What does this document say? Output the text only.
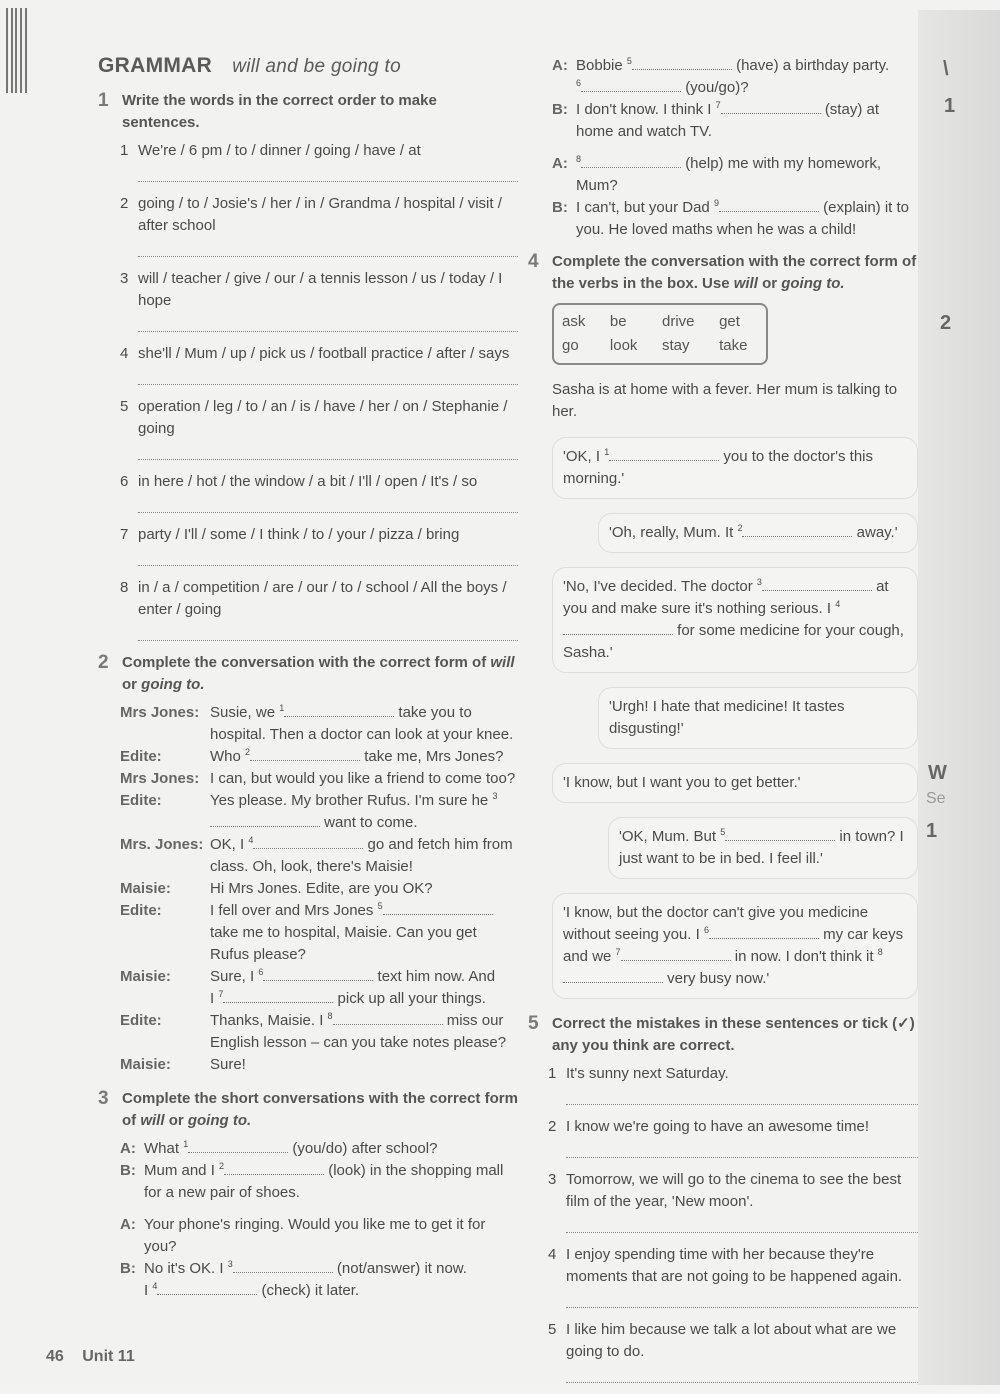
\
1
2
W
Se
1
GRAMMAR will and be going to
1 Write the words in the correct order to make sentences.
1 We're / 6 pm / to / dinner / going / have / at
2 going / to / Josie's / her / in / Grandma / hospital / visit / after school
3 will / teacher / give / our / a tennis lesson / us / today / I hope
4 she'll / Mum / up / pick us / football practice / after / says
5 operation / leg / to / an / is / have / her / on / Stephanie / going
6 in here / hot / the window / a bit / I'll / open / It's / so
7 party / I'll / some / I think / to / your / pizza / bring
8 in / a / competition / are / our / to / school / All the boys / enter / going
2 Complete the conversation with the correct form of will or going to.
Mrs Jones: Susie, we $^1$	take you to hospital. Then a doctor can look at your knee.
Edite:	Who $^2$	take me, Mrs Jones?
Mrs Jones: I can, but would you like a friend to come too?
Edite:	Yes please. My brother Rufus. I'm sure he $^3$ want to come.
Mrs. Jones: OK, I $^4$	go and fetch him from class. Oh, look, there's Maisie!
Maisie:	Hi Mrs Jones. Edite, are you OK?
Edite:	I fell over and Mrs Jones $^5$ take me to hospital, Maisie. Can you get Rufus please?
Maisie:	Sure, I $^6$	text him now. And
I $^7$	pick up all your things.
Edite:	Thanks, Maisie. I $^8$	miss our English lesson – can you take notes please?
Maisie:	Sure!
3 Complete the short conversations with the correct form of will or going to.
A: What $^1$	(you/do) after school?
B: Mum and I $^2$	(look) in the shopping mall for a new pair of shoes.
A: Your phone's ringing. Would you like me to get it for you?
B: No it's OK. I $^3$	(not/answer) it now.
I $^4$	(check) it later.
A: Bobbie $^5$	(have) a birthday party.
$^6$	(you/go)?
B: I don't know. I think I $^7$	(stay) at home and watch TV.
A: $^8$	(help) me with my homework, Mum?
B: I can't, but your Dad $^9$	(explain) it to you. He loved maths when he was a child!
4 Complete the conversation with the correct form of the verbs in the box. Use will or going to.
ask	be	drive	get
go	look	stay	take
Sasha is at home with a fever. Her mum is talking to her.
'OK, I $^1$	you to the doctor's this morning.'
'Oh, really, Mum. It $^2$	away.'
'No, I've decided. The doctor $^3$	at you and make sure it's nothing serious. I $^4$ for some medicine for your cough, Sasha.'
'Urgh! I hate that medicine! It tastes disgusting!'
'I know, but I want you to get better.'
'OK, Mum. But $^5$	in town? I just want to be in bed. I feel ill.'
'I know, but the doctor can't give you medicine without seeing you. I $^6$	my car keys and we $^7$	in now. I don't think it $^8$ very busy now.'
5 Correct the mistakes in these sentences or tick (✓) any you think are correct.
1 It's sunny next Saturday.
2 I know we're going to have an awesome time!
3 Tomorrow, we will go to the cinema to see the best film of the year, 'New moon'.
4 I enjoy spending time with her because they're moments that are not going to be happened again.
5 I like him because we talk a lot about what are we going to do.
46 Unit 11
